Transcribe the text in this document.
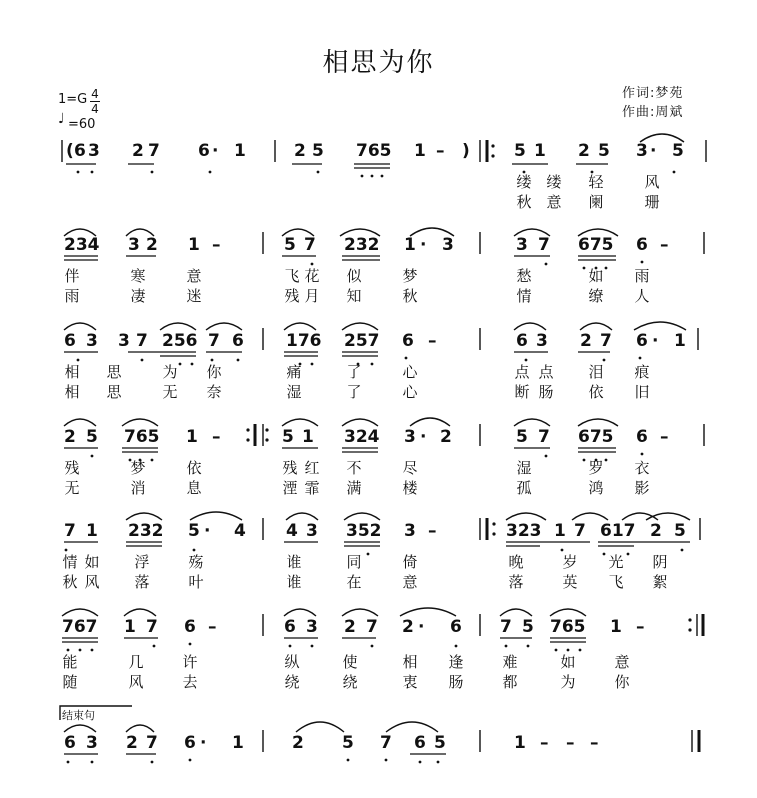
相思为你
作词:梦苑
作曲:周斌
1=G 4
4
♩ =60
结束句
( 6 3 2 7 6 · 1	2 5 765 1 – )	5 1 2 5 3 · 5
缕 缕 轻	风
秋 意 阑	珊
234 3 2 1 –	5 7 232 1 · 3	3 7 675 6 –
伴	寒	意	飞 花 似	梦	愁	如 雨
雨	凄	迷	残 月 知	秋	情	缭 人
6 3 3 7 256 7 6 176 257 6 –	6 3 2 7 6 · 1
相 思	为 你	痛	了	心	点 点 泪 痕
相 思	无 奈	湿	了	心	断 肠 依 旧
2 5 765 1 –	5 1 324 3 · 2	5 7 675 6 –
残	梦	依	残 红 不	尽	湿	罗 衣
无	消	息	湮 霏 满	楼	孤	鸿 影
7 1 232 5 · 4 4 3 352 3 –	323 1 7 617 2 5
情 如 浮	殇	谁	同	倚	晚	岁 光 阴
秋 风 落	叶	谁	在	意	落	英 飞 絮
767 1 7 6 –	6 3 2 7 2 · 6 7 5 765 1 –
能	几	许	纵	使	相 逢	难	如	意
随	风	去	绕	绕	衷 肠	都	为	你
6 3 2 7 6 · 1	2 5 7 6 5	1 – – –
